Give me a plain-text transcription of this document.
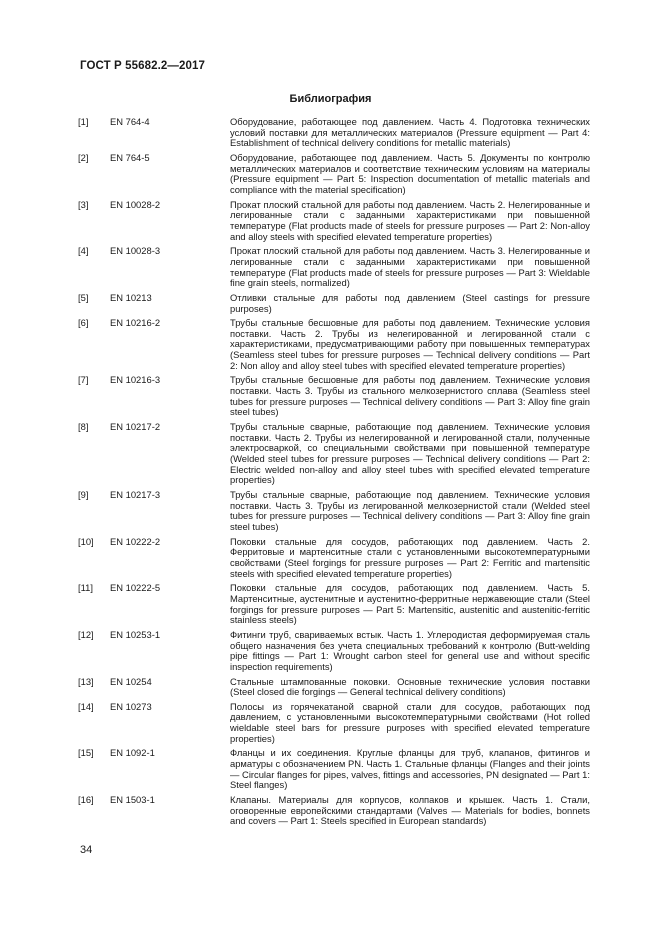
ГОСТ Р 55682.2—2017
Библиография
[1]	EN 764-4	Оборудование, работающее под давлением. Часть 4. Подготовка технических условий поставки для металлических материалов (Pressure equipment — Part 4: Establishment of technical delivery conditions for metallic materials)
[2]	EN 764-5	Оборудование, работающее под давлением. Часть 5. Документы по контролю металлических материалов и соответствие техническим условиям на материалы (Pressure equipment — Part 5: Inspection documentation of metallic materials and compliance with the material specification)
[3]	EN 10028-2	Прокат плоский стальной для работы под давлением. Часть 2. Нелегированные и легированные стали с заданными характеристиками при повышенной температуре (Flat products made of steels for pressure purposes — Part 2: Non-alloy and alloy steels with specified elevated temperature properties)
[4]	EN 10028-3	Прокат плоский стальной для работы под давлением. Часть 3. Нелегированные и легированные стали с заданными характеристиками при повышенной температуре (Flat products made of steels for pressure purposes — Part 3: Wieldable fine grain steels, normalized)
[5]	EN 10213	Отливки стальные для работы под давлением (Steel castings for pressure purposes)
[6]	EN 10216-2	Трубы стальные бесшовные для работы под давлением. Технические условия поставки. Часть 2. Трубы из нелегированной и легированной стали с характеристиками, предусматривающими работу при повышенных температурах (Seamless steel tubes for pressure purposes — Technical delivery conditions — Part 2: Non alloy and alloy steel tubes with specified elevated temperature properties)
[7]	EN 10216-3	Трубы стальные бесшовные для работы под давлением. Технические условия поставки. Часть 3. Трубы из стального мелкозернистого сплава (Seamless steel tubes for pressure purposes — Technical delivery conditions — Part 3: Alloy fine grain steel tubes)
[8]	EN 10217-2	Трубы стальные сварные, работающие под давлением. Технические условия поставки. Часть 2. Трубы из нелегированной и легированной стали, полученные электросваркой, со специальными свойствами при повышенной температуре (Welded steel tubes for pressure purposes — Technical delivery conditions — Part 2: Electric welded non-alloy and alloy steel tubes with specified elevated temperature properties)
[9]	EN 10217-3	Трубы стальные сварные, работающие под давлением. Технические условия поставки. Часть 3. Трубы из легированной мелкозернистой стали (Welded steel tubes for pressure purposes — Technical delivery conditions — Part 3: Alloy fine grain steel tubes)
[10]	EN 10222-2	Поковки стальные для сосудов, работающих под давлением. Часть 2. Ферритовые и мартенситные стали с установленными высокотемпературными свойствами (Steel forgings for pressure purposes — Part 2: Ferritic and martensitic steels with specified elevated temperature properties)
[11]	EN 10222-5	Поковки стальные для сосудов, работающих под давлением. Часть 5. Мартенситные, аустенитные и аустенитно-ферритные нержавеющие стали (Steel forgings for pressure purposes — Part 5: Martensitic, austenitic and austenitic-ferritic stainless steels)
[12]	EN 10253-1	Фитинги труб, свариваемых встык. Часть 1. Углеродистая деформируемая сталь общего назначения без учета специальных требований к контролю (Butt-welding pipe fittings — Part 1: Wrought carbon steel for general use and without specific inspection requirements)
[13]	EN 10254	Стальные штампованные поковки. Основные технические условия поставки (Steel closed die forgings — General technical delivery conditions)
[14]	EN 10273	Полосы из горячекатаной сварной стали для сосудов, работающих под давлением, с установленными высокотемпературными свойствами (Hot rolled wieldable steel bars for pressure purposes with specified elevated temperature properties)
[15]	EN 1092-1	Фланцы и их соединения. Круглые фланцы для труб, клапанов, фитингов и арматуры с обозначением PN. Часть 1. Стальные фланцы (Flanges and their joints — Circular flanges for pipes, valves, fittings and accessories, PN designated — Part 1: Steel flanges)
[16]	EN 1503-1	Клапаны. Материалы для корпусов, колпаков и крышек. Часть 1. Стали, оговоренные европейскими стандартами (Valves — Materials for bodies, bonnets and covers — Part 1: Steels specified in European standards)
34
